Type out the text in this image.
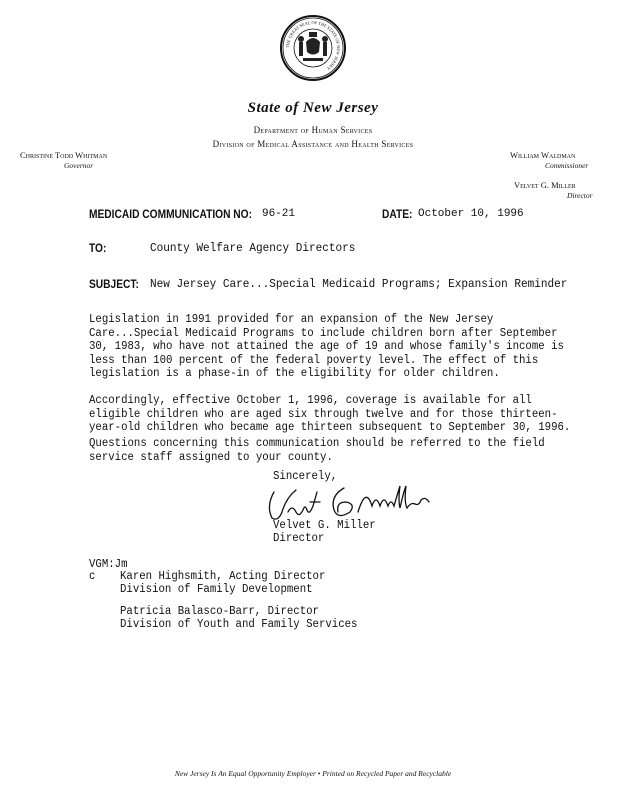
THE GREAT SEAL OF THE STATE OF NEW JERSEY
State of New Jersey
Department of Human Services
Division of Medical Assistance and Health Services
Christine Todd Whitman
Governor
William Waldman
Commissioner
Velvet G. Miller
Director
MEDICAID COMMUNICATION NO: 96-21	DATE: October 10, 1996
TO:	County Welfare Agency Directors
SUBJECT: New Jersey Care...Special Medicaid Programs; Expansion Reminder
Legislation in 1991 provided for an expansion of the New Jersey
Care...Special Medicaid Programs to include children born after September
30, 1983, who have not attained the age of 19 and whose family's income is
less than 100 percent of the federal poverty level. The effect of this
legislation is a phase-in of the eligibility for older children.
Accordingly, effective October 1, 1996, coverage is available for all
eligible children who are aged six through twelve and for those thirteen-
year-old children who became age thirteen subsequent to September 30, 1996.
Questions concerning this communication should be referred to the field
service staff assigned to your county.
Sincerely,
Velvet G. Miller
Director
VGM:Jm
c Karen Highsmith, Acting Director
Division of Family Development
Patricia Balasco-Barr, Director
Division of Youth and Family Services
New Jersey Is An Equal Opportunity Employer • Printed on Recycled Paper and Recyclable
